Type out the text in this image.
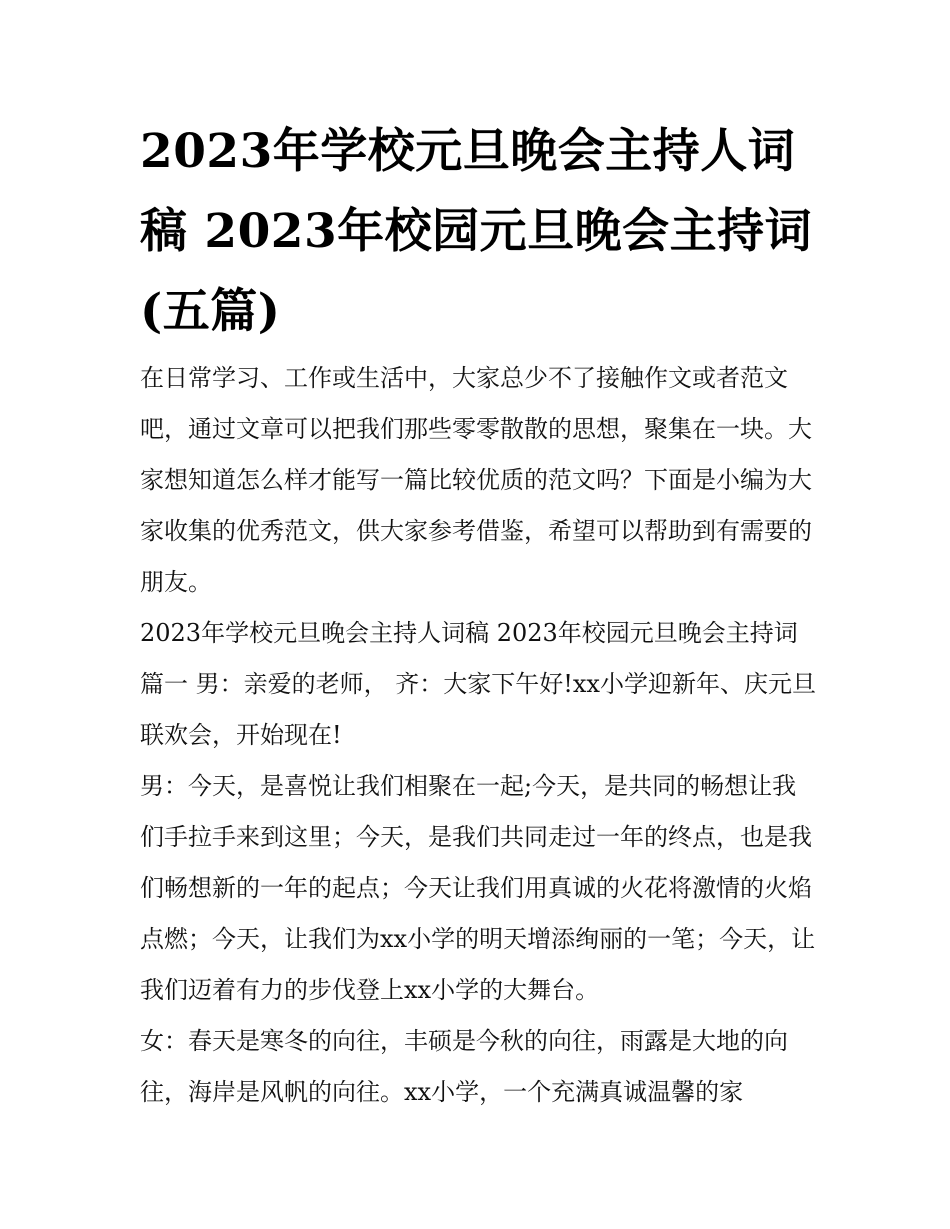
2023年学校元旦晚会主持人词稿 2023年校园元旦晚会主持词(五篇)

在日常学习、工作或生活中，大家总少不了接触作文或者范文吧，通过文章可以把我们那些零零散散的思想，聚集在一块。大家想知道怎么样才能写一篇比较优质的范文吗？下面是小编为大家收集的优秀范文，供大家参考借鉴，希望可以帮助到有需要的朋友。

2023年学校元旦晚会主持人词稿 2023年校园元旦晚会主持词篇一 男：亲爱的老师， 齐：大家下午好!xx小学迎新年、庆元旦联欢会，开始现在!

男：今天，是喜悦让我们相聚在一起;今天，是共同的畅想让我们手拉手来到这里；今天，是我们共同走过一年的终点，也是我们畅想新的一年的起点；今天让我们用真诚的火花将激情的火焰点燃；今天，让我们为xx小学的明天增添绚丽的一笔；今天，让我们迈着有力的步伐登上xx小学的大舞台。

女：春天是寒冬的向往，丰硕是今秋的向往，雨露是大地的向往，海岸是风帆的向往。xx小学，一个充满真诚温馨的家
